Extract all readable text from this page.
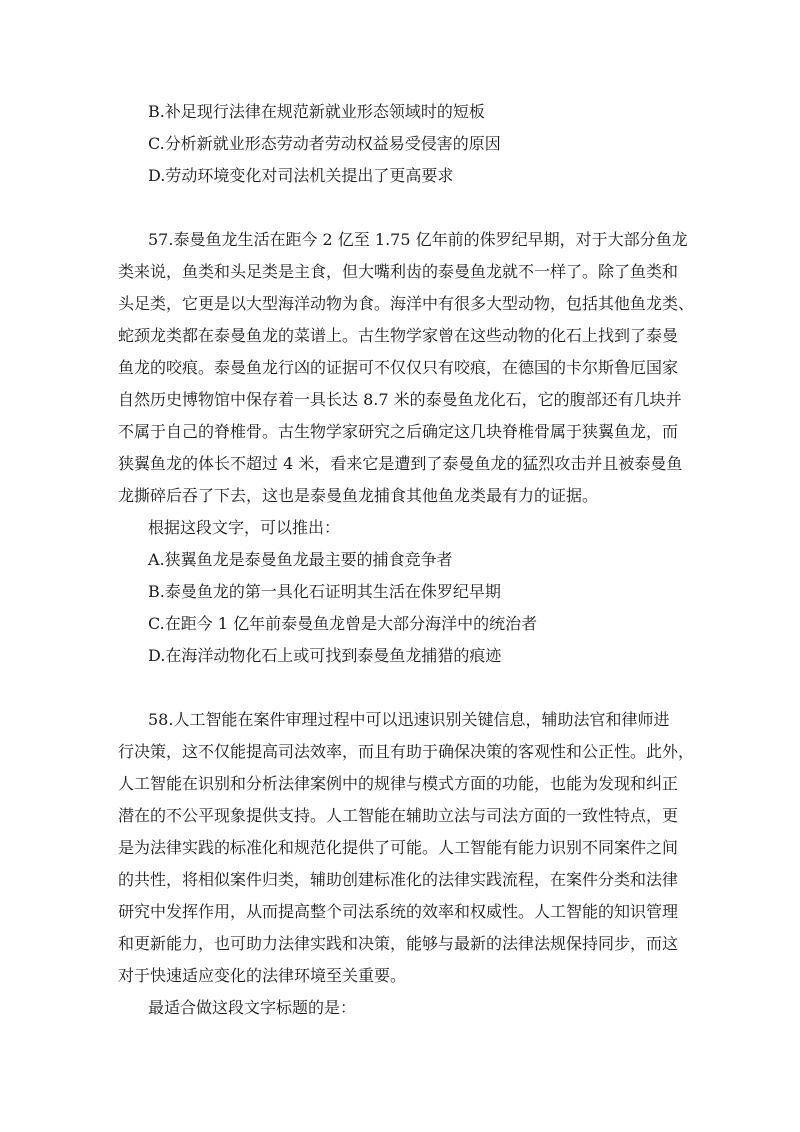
B.补足现行法律在规范新就业形态领域时的短板
C.分析新就业形态劳动者劳动权益易受侵害的原因
D.劳动环境变化对司法机关提出了更高要求
57.泰曼鱼龙生活在距今 2 亿至 1.75 亿年前的侏罗纪早期，对于大部分鱼龙
类来说，鱼类和头足类是主食，但大嘴利齿的泰曼鱼龙就不一样了。除了鱼类和
头足类，它更是以大型海洋动物为食。海洋中有很多大型动物，包括其他鱼龙类、
蛇颈龙类都在泰曼鱼龙的菜谱上。古生物学家曾在这些动物的化石上找到了泰曼
鱼龙的咬痕。泰曼鱼龙行凶的证据可不仅仅只有咬痕，在德国的卡尔斯鲁厄国家
自然历史博物馆中保存着一具长达 8.7 米的泰曼鱼龙化石，它的腹部还有几块并
不属于自己的脊椎骨。古生物学家研究之后确定这几块脊椎骨属于狭翼鱼龙，而
狭翼鱼龙的体长不超过 4 米，看来它是遭到了泰曼鱼龙的猛烈攻击并且被泰曼鱼
龙撕碎后吞了下去，这也是泰曼鱼龙捕食其他鱼龙类最有力的证据。
根据这段文字，可以推出：
A.狭翼鱼龙是泰曼鱼龙最主要的捕食竞争者
B.泰曼鱼龙的第一具化石证明其生活在侏罗纪早期
C.在距今 1 亿年前泰曼鱼龙曾是大部分海洋中的统治者
D.在海洋动物化石上或可找到泰曼鱼龙捕猎的痕迹
58.人工智能在案件审理过程中可以迅速识别关键信息，辅助法官和律师进
行决策，这不仅能提高司法效率，而且有助于确保决策的客观性和公正性。此外，
人工智能在识别和分析法律案例中的规律与模式方面的功能，也能为发现和纠正
潜在的不公平现象提供支持。人工智能在辅助立法与司法方面的一致性特点，更
是为法律实践的标准化和规范化提供了可能。人工智能有能力识别不同案件之间
的共性，将相似案件归类，辅助创建标准化的法律实践流程，在案件分类和法律
研究中发挥作用，从而提高整个司法系统的效率和权威性。人工智能的知识管理
和更新能力，也可助力法律实践和决策，能够与最新的法律法规保持同步，而这
对于快速适应变化的法律环境至关重要。
最适合做这段文字标题的是：
